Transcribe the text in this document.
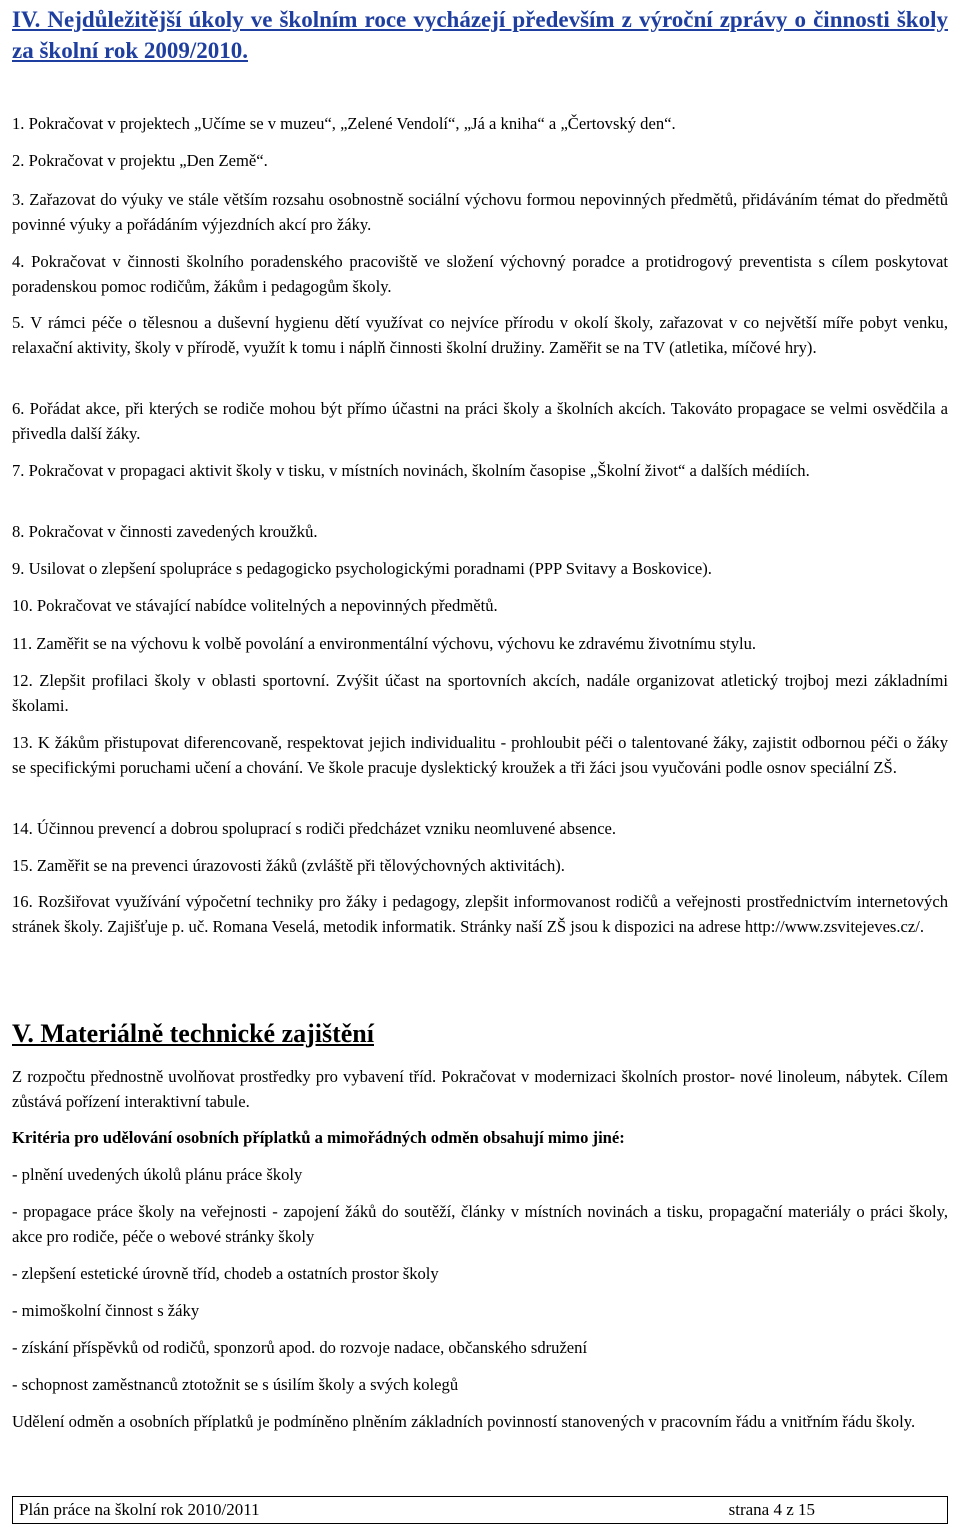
IV. Nejdůležitější úkoly ve školním roce vycházejí především z výroční zprávy o činnosti školy za školní rok 2009/2010.
1. Pokračovat v projektech „Učíme se v muzeu“, „Zelené Vendolí“, „Já a kniha“ a „Čertovský den“.
2. Pokračovat v projektu „Den Země“.
3. Zařazovat do výuky ve stále větším rozsahu osobnostně sociální výchovu formou nepovinných předmětů, přidáváním témat do předmětů povinné výuky a pořádáním výjezdních akcí pro žáky.
4. Pokračovat v činnosti školního poradenského pracoviště ve složení výchovný poradce a protidrogový preventista s cílem poskytovat poradenskou pomoc rodičům, žákům i pedagogům školy.
5. V rámci péče o tělesnou a duševní hygienu dětí využívat co nejvíce přírodu v okolí školy, zařazovat v co největší míře pobyt venku, relaxační aktivity, školy v přírodě, využít k tomu i náplň činnosti školní družiny. Zaměřit se na TV (atletika, míčové hry).
6. Pořádat akce, při kterých se rodiče mohou být přímo účastni na práci školy a školních akcích. Takováto propagace se velmi osvědčila a přivedla další žáky.
7. Pokračovat v propagaci aktivit školy v tisku, v místních novinách, školním časopise „Školní život“ a dalších médiích.
8. Pokračovat v činnosti zavedených kroužků.
9. Usilovat o zlepšení spolupráce s pedagogicko psychologickými poradnami (PPP Svitavy a Boskovice).
10. Pokračovat ve stávající nabídce volitelných a nepovinných předmětů.
11. Zaměřit se na výchovu k volbě povolání a environmentální výchovu, výchovu ke zdravému životnímu stylu.
12. Zlepšit profilaci školy v oblasti sportovní. Zvýšit účast na sportovních akcích, nadále organizovat atletický trojboj mezi základními školami.
13. K žákům přistupovat diferencovaně, respektovat jejich individualitu - prohloubit péči o talentované žáky, zajistit odbornou péči o žáky se specifickými poruchami učení a chování. Ve škole pracuje dyslektický kroužek a tři žáci jsou vyučováni podle osnov speciální ZŠ.
14. Účinnou prevencí a dobrou spoluprací s rodiči předcházet vzniku neomluvené absence.
15. Zaměřit se na prevenci úrazovosti žáků (zvláště při tělovýchovných aktivitách).
16. Rozšiřovat využívání výpočetní techniky pro žáky i pedagogy, zlepšit informovanost rodičů a veřejnosti prostřednictvím internetových stránek školy. Zajišťuje p. uč. Romana Veselá, metodik informatik. Stránky naší ZŠ jsou k dispozici na adrese http://www.zsvitejeves.cz/.
V. Materiálně technické zajištění
Z rozpočtu přednostně uvolňovat prostředky pro vybavení tříd. Pokračovat v modernizaci školních prostor- nové linoleum, nábytek. Cílem zůstává pořízení interaktivní tabule.
Kritéria pro udělování osobních příplatků a mimořádných odměn obsahují mimo jiné:
- plnění uvedených úkolů plánu práce školy
- propagace práce školy na veřejnosti - zapojení žáků do soutěží, články v místních novinách a tisku, propagační materiály o práci školy, akce pro rodiče, péče o webové stránky školy
- zlepšení estetické úrovně tříd, chodeb a ostatních prostor školy
- mimoškolní činnost s žáky
- získání příspěvků od rodičů, sponzorů apod. do rozvoje nadace, občanského sdružení
- schopnost zaměstnanců ztotožnit se s úsilím školy a svých kolegů
Udělení odměn a osobních příplatků je podmíněno plněním základních povinností stanovených v pracovním řádu a vnitřním řádu školy.
Plán práce na školní rok 2010/2011	strana 4 z 15
